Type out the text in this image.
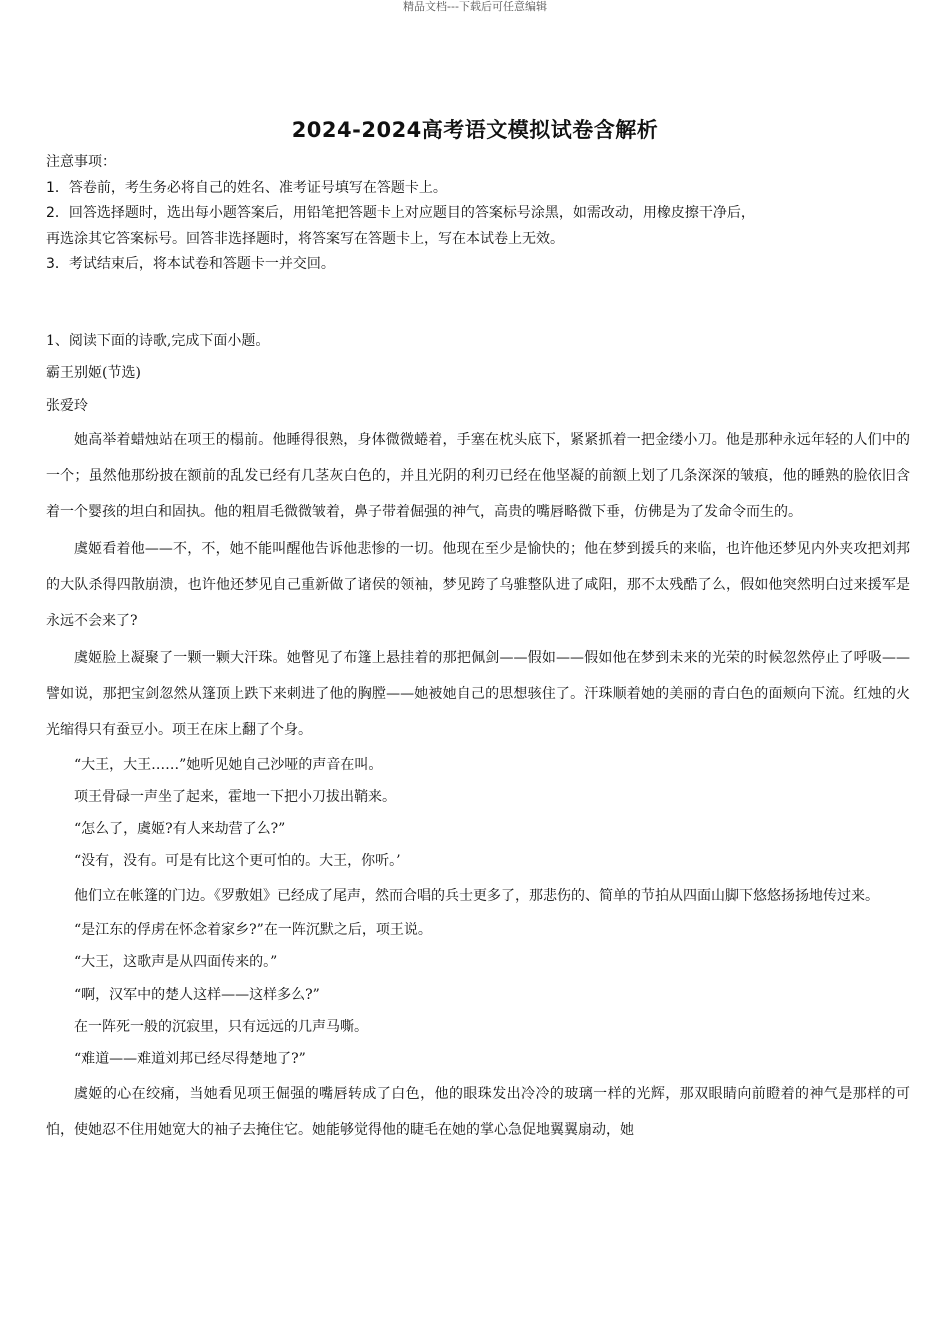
精品文档---下载后可任意编辑
2024-2024高考语文模拟试卷含解析
注意事项：
1．答卷前，考生务必将自己的姓名、准考证号填写在答题卡上。
2．回答选择题时，选出每小题答案后，用铅笔把答题卡上对应题目的答案标号涂黑，如需改动，用橡皮擦干净后，
再选涂其它答案标号。回答非选择题时，将答案写在答题卡上，写在本试卷上无效。
3．考试结束后，将本试卷和答题卡一并交回。
1、阅读下面的诗歌,完成下面小题。
霸王别姬(节选)
张爱玲

她高举着蜡烛站在项王的榻前。他睡得很熟，身体微微蜷着，手塞在枕头底下，紧紧抓着一把金缕小刀。他是那种永远年轻的人们中的一个；虽然他那纷披在额前的乱发已经有几茎灰白色的，并且光阴的利刃已经在他坚凝的前额上划了几条深深的皱痕，他的睡熟的脸依旧含着一个婴孩的坦白和固执。他的粗眉毛微微皱着，鼻子带着倔强的神气，高贵的嘴唇略微下垂，仿佛是为了发命令而生的。

虞姬看着他——不，不，她不能叫醒他告诉他悲惨的一切。他现在至少是愉快的；他在梦到援兵的来临，也许他还梦见内外夹攻把刘邦的大队杀得四散崩溃，也许他还梦见自己重新做了诸侯的领袖，梦见跨了乌骓整队进了咸阳，那不太残酷了么，假如他突然明白过来援军是永远不会来了?

虞姬脸上凝聚了一颗一颗大汗珠。她瞥见了布篷上悬挂着的那把佩剑——假如——假如他在梦到未来的光荣的时候忽然停止了呼吸——譬如说，那把宝剑忽然从篷顶上跌下来刺进了他的胸膛——她被她自己的思想骇住了。汗珠顺着她的美丽的青白色的面颊向下流。红烛的火光缩得只有蚕豆小。项王在床上翻了个身。

“大王，大王……”她听见她自己沙哑的声音在叫。

项王骨碌一声坐了起来，霍地一下把小刀拔出鞘来。

“怎么了，虞姬?有人来劫营了么?”

“没有，没有。可是有比这个更可怕的。大王，你听。’

他们立在帐篷的门边。《罗敷姐》已经成了尾声，然而合唱的兵士更多了，那悲伤的、简单的节拍从四面山脚下悠悠扬扬地传过来。

“是江东的俘虏在怀念着家乡?”在一阵沉默之后，项王说。

“大王，这歌声是从四面传来的。”

“啊，汉军中的楚人这样——这样多么?”

在一阵死一般的沉寂里，只有远远的几声马嘶。

“难道——难道刘邦已经尽得楚地了?”

虞姬的心在绞痛，当她看见项王倔强的嘴唇转成了白色，他的眼珠发出冷冷的玻璃一样的光辉，那双眼睛向前瞪着的神气是那样的可怕，使她忍不住用她宽大的袖子去掩住它。她能够觉得他的睫毛在她的掌心急促地翼翼扇动，她
